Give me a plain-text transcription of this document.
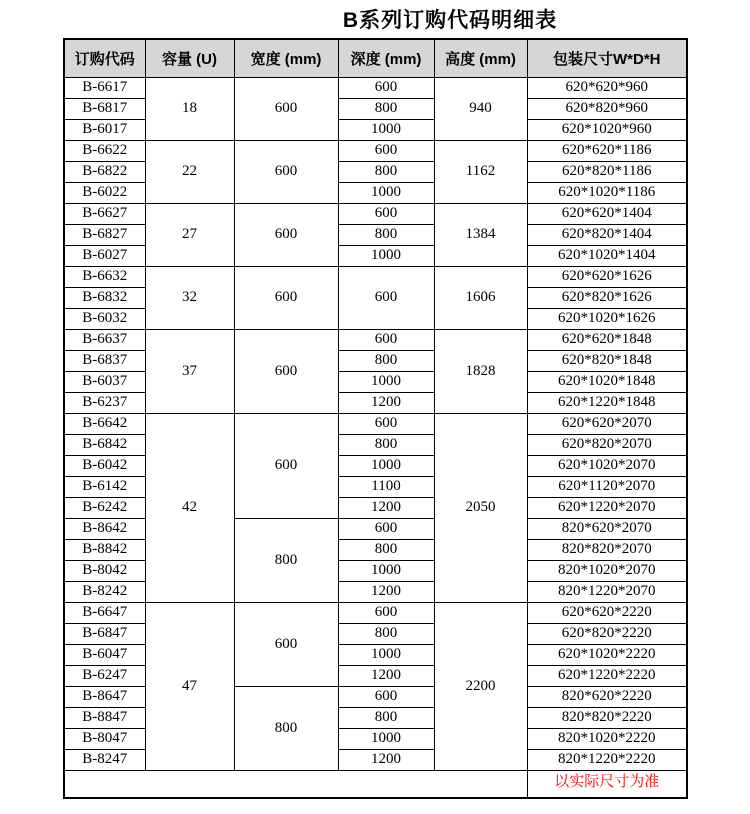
B系列订购代码明细表
订购代码	容量 (U)	宽度 (mm)	深度 (mm)	高度 (mm)	包装尺寸W*D*H
B-6617	18	600	600	940	620*620*960
B-6817			800		620*820*960
B-6017			1000		620*1020*960
B-6622	22	600	600	1162	620*620*1186
B-6822			800		620*820*1186
B-6022			1000		620*1020*1186
B-6627	27	600	600	1384	620*620*1404
B-6827			800		620*820*1404
B-6027			1000		620*1020*1404
B-6632	32	600	600	1606	620*620*1626
B-6832					620*820*1626
B-6032					620*1020*1626
B-6637	37	600	600	1828	620*620*1848
B-6837			800		620*820*1848
B-6037			1000		620*1020*1848
B-6237			1200		620*1220*1848
B-6642	42	600	600	2050	620*620*2070
B-6842			800		620*820*2070
B-6042			1000		620*1020*2070
B-6142			1100		620*1120*2070
B-6242			1200		620*1220*2070
B-8642		800	600		820*620*2070
B-8842			800		820*820*2070
B-8042			1000		820*1020*2070
B-8242			1200		820*1220*2070
B-6647	47	600	600	2200	620*620*2220
B-6847			800		620*820*2220
B-6047			1000		620*1020*2220
B-6247			1200		620*1220*2220
B-8647		800	600		820*620*2220
B-8847			800		820*820*2220
B-8047			1000		820*1020*2220
B-8247			1200		820*1220*2220
					以实际尺寸为准
